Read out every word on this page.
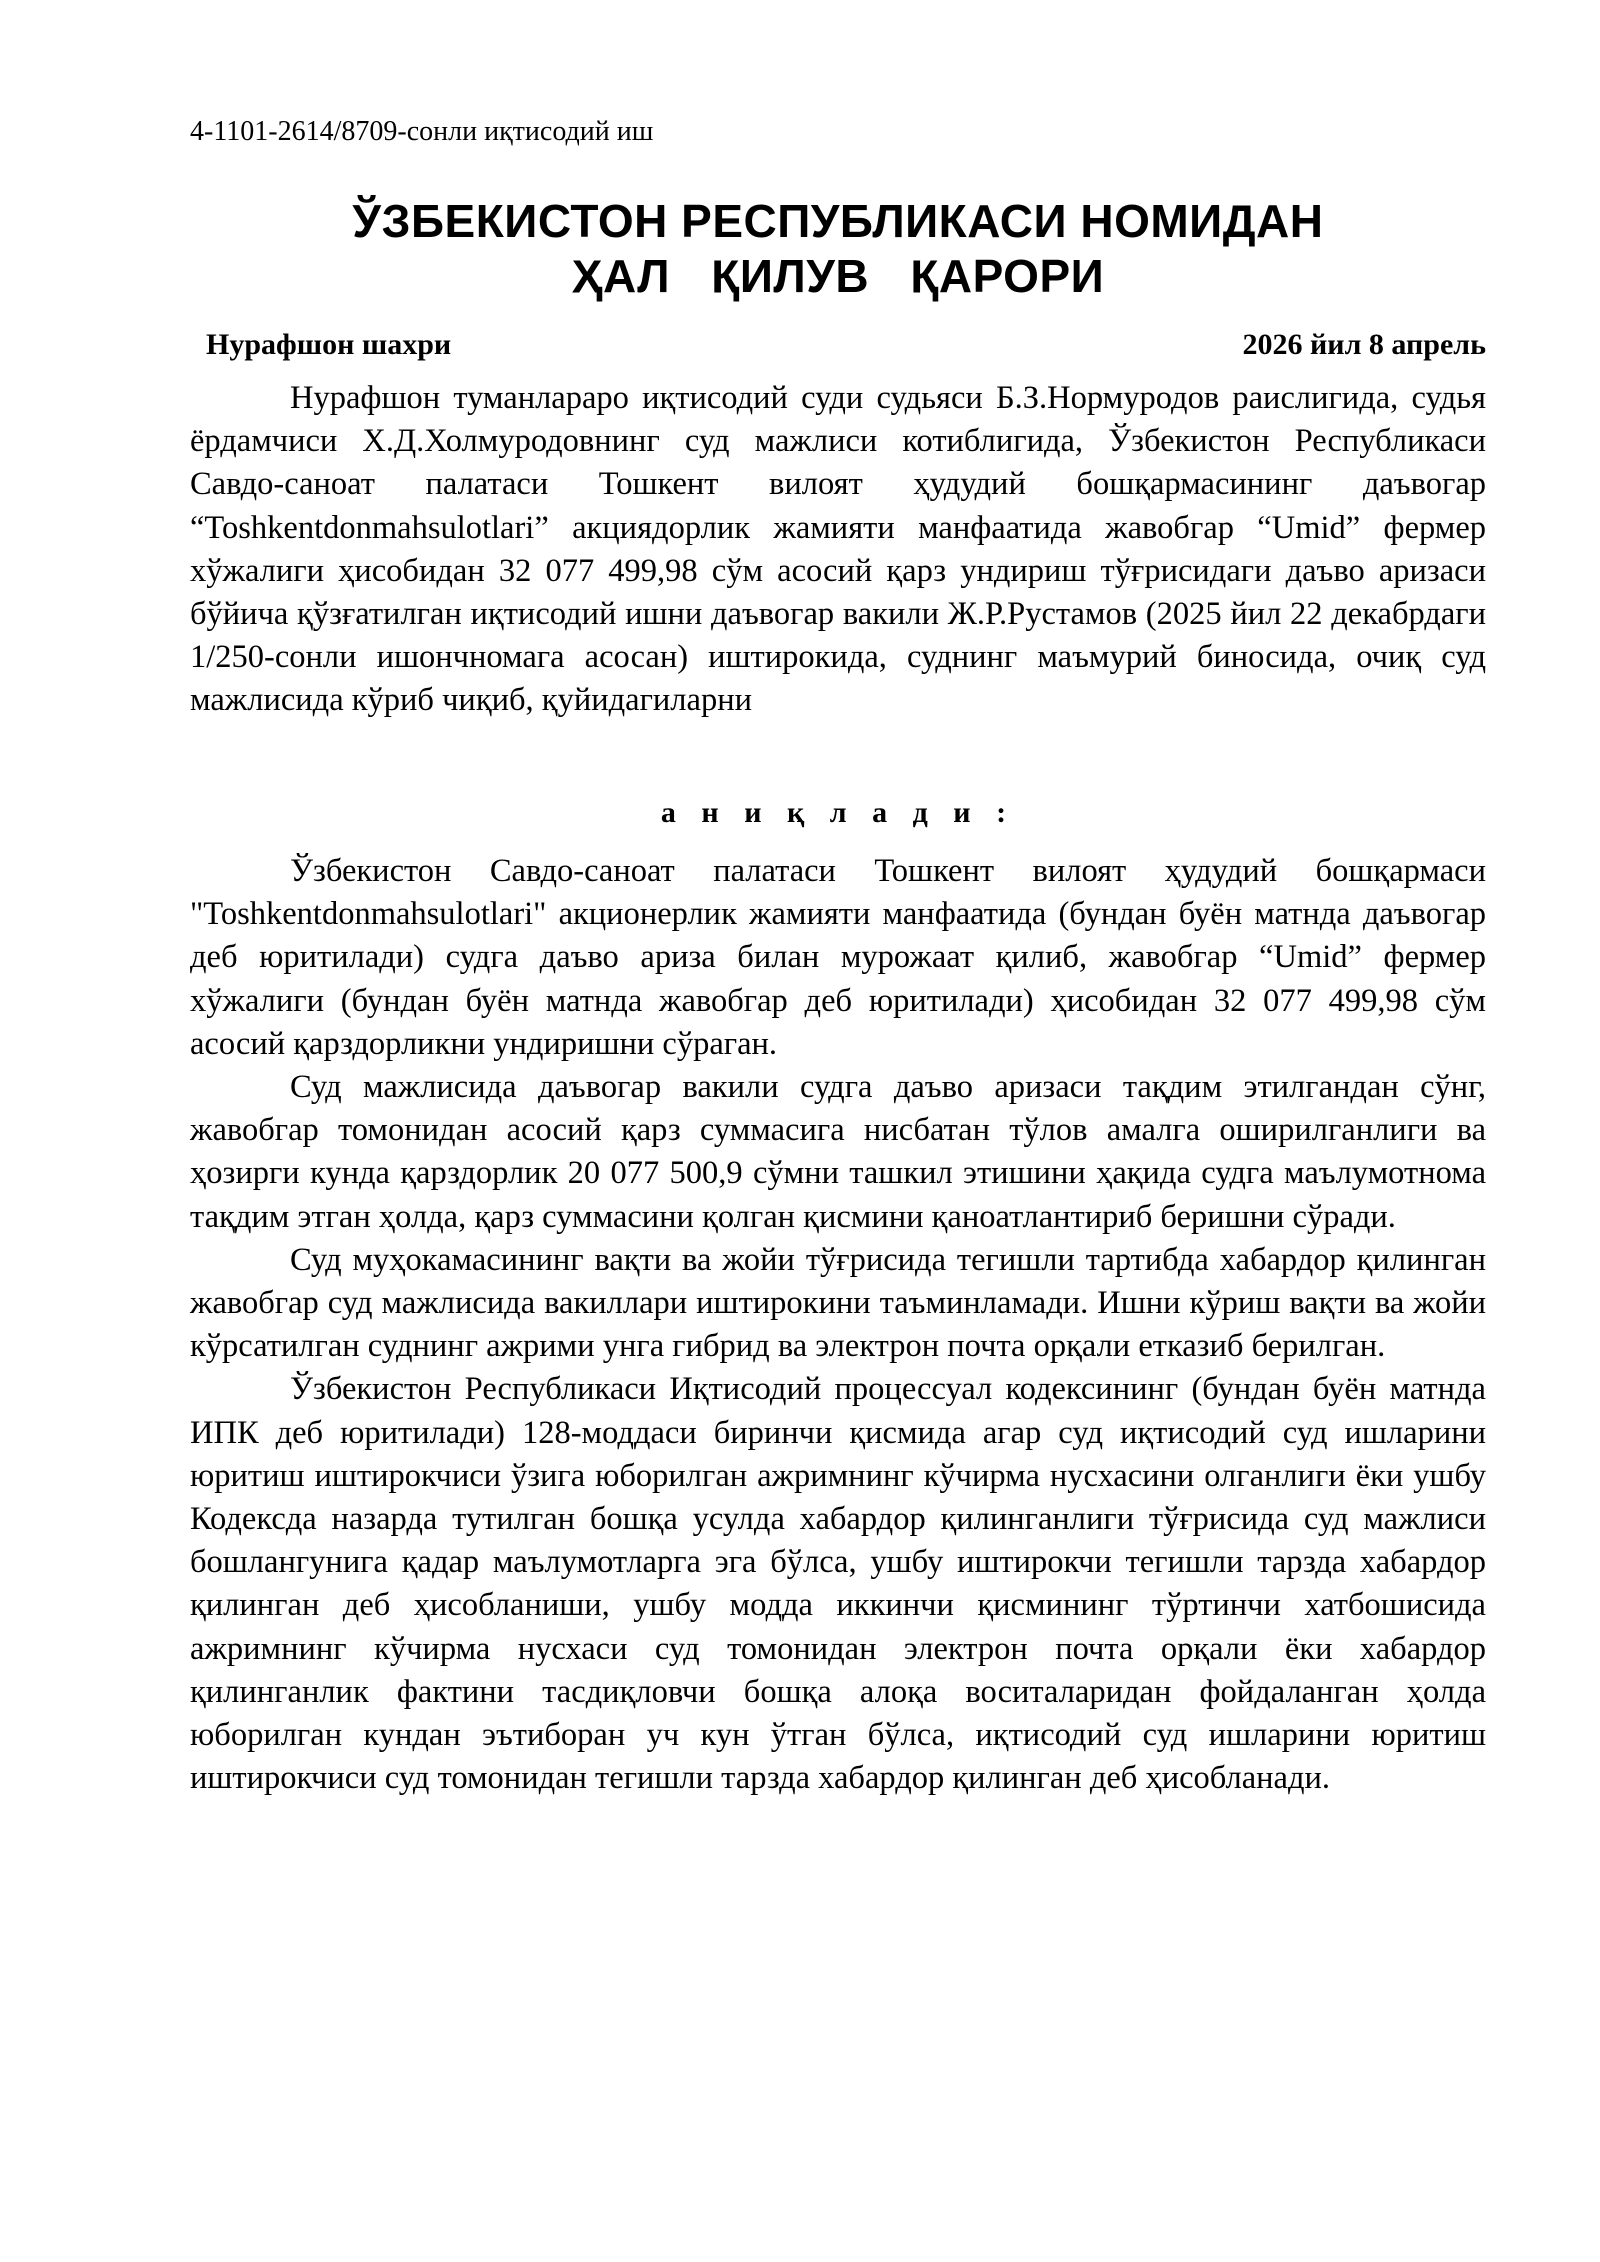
4-1101-2614/8709-сонли иқтисодий иш
ЎЗБЕКИСТОН РЕСПУБЛИКАСИ НОМИДАН
ҲАЛ ҚИЛУВ ҚАРОРИ
Нурафшон шахри	2026 йил 8 апрель

Нурафшон туманлараро иқтисодий суди судьяси Б.З.Нормуродов раислигида, судья ёрдамчиси Х.Д.Холмуродовнинг суд мажлиси котиблигида, Ўзбекистон Республикаси Савдо-саноат палатаси Тошкент вилоят ҳудудий бошқармасининг даъвогар “Toshkentdonmahsulotlari” акциядорлик жамияти манфаатида жавобгар “Umid” фермер хўжалиги ҳисобидан 32 077 499,98 сўм асосий қарз ундириш тўғрисидаги даъво аризаси бўйича қўзғатилган иқтисодий ишни даъвогар вакили Ж.Р.Рустамов (2025 йил 22 декабрдаги 1/250-сонли ишончномага асосан) иштирокида, суднинг маъмурий биносида, очиқ суд мажлисида кўриб чиқиб, қуйидагиларни

а н и қ л а д и :

Ўзбекистон Савдо-саноат палатаси Тошкент вилоят ҳудудий бошқармаси "Toshkentdonmahsulotlari" акционерлик жамияти манфаатида (бундан буён матнда даъвогар деб юритилади) судга даъво ариза билан мурожаат қилиб, жавобгар “Umid” фермер хўжалиги (бундан буён матнда жавобгар деб юритилади) ҳисобидан 32 077 499,98 сўм асосий қарздорликни ундиришни сўраган.

Суд мажлисида даъвогар вакили судга даъво аризаси тақдим этилгандан сўнг, жавобгар томонидан асосий қарз суммасига нисбатан тўлов амалга оширилганлиги ва ҳозирги кунда қарздорлик 20 077 500,9 сўмни ташкил этишини ҳақида судга маълумотнома тақдим этган ҳолда, қарз суммасини қолган қисмини қаноатлантириб беришни сўради.

Суд муҳокамасининг вақти ва жойи тўғрисида тегишли тартибда хабардор қилинган жавобгар суд мажлисида вакиллари иштирокини таъминламади. Ишни кўриш вақти ва жойи кўрсатилган суднинг ажрими унга гибрид ва электрон почта орқали етказиб берилган.

Ўзбекистон Республикаси Иқтисодий процессуал кодексининг (бундан буён матнда ИПК деб юритилади) 128-моддаси биринчи қисмида агар суд иқтисодий суд ишларини юритиш иштирокчиси ўзига юборилган ажримнинг кўчирма нусхасини олганлиги ёки ушбу Кодексда назарда тутилган бошқа усулда хабардор қилинганлиги тўғрисида суд мажлиси бошлангунига қадар маълумотларга эга бўлса, ушбу иштирокчи тегишли тарзда хабардор қилинган деб ҳисобланиши, ушбу модда иккинчи қисмининг тўртинчи хатбошисида ажримнинг кўчирма нусхаси суд томонидан электрон почта орқали ёки хабардор қилинганлик фактини тасдиқловчи бошқа алоқа воситаларидан фойдаланган ҳолда юборилган кундан эътиборан уч кун ўтган бўлса, иқтисодий суд ишларини юритиш иштирокчиси суд томонидан тегишли тарзда хабардор қилинган деб ҳисобланади.
